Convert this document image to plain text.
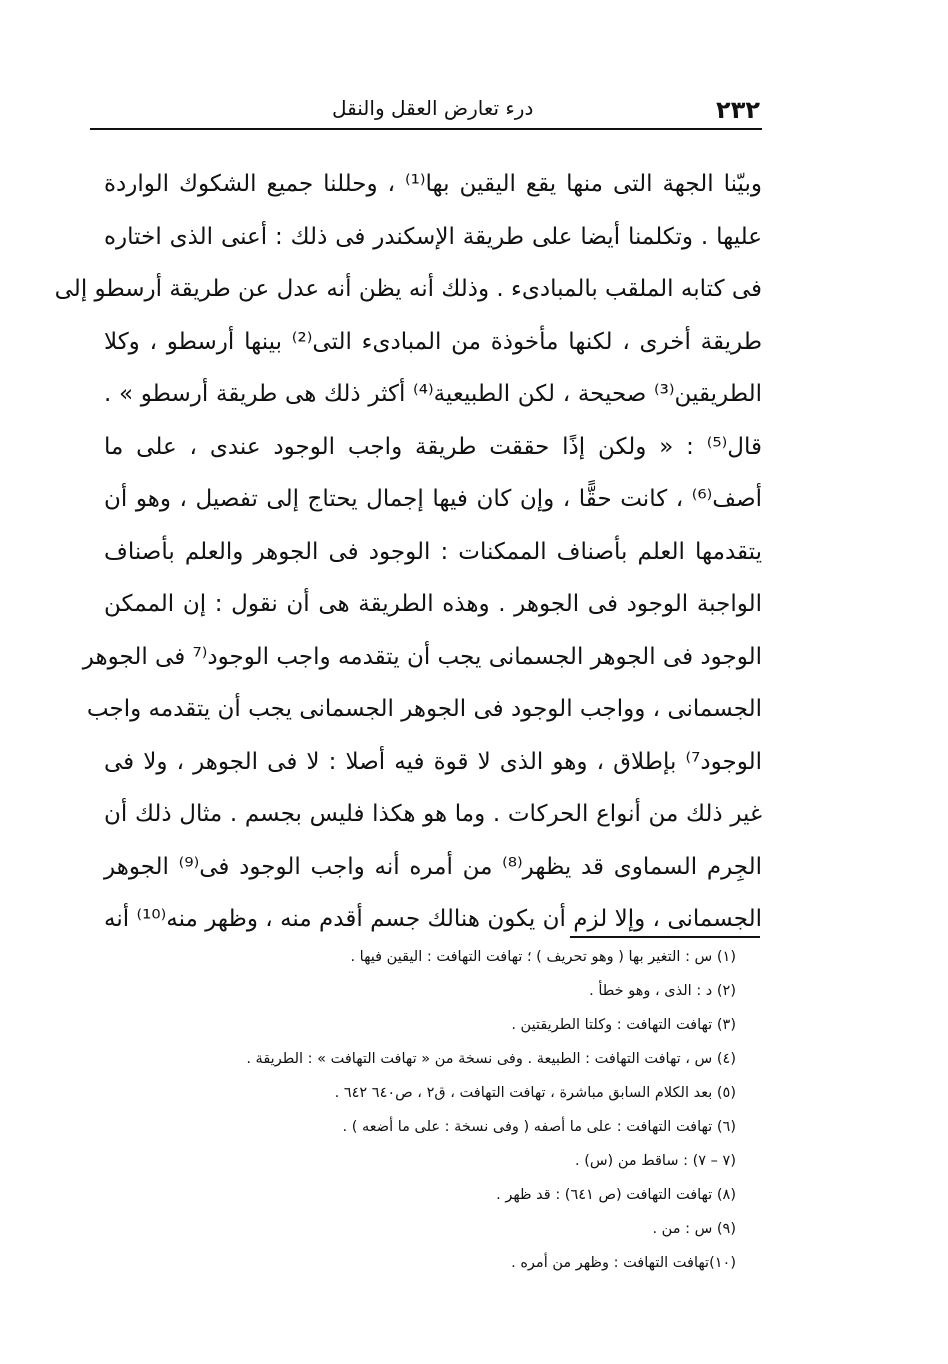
٢٣٢
درء تعارض العقل والنقل
وبيّنا الجهة التى منها يقع اليقين بها⁽¹⁾ ، وحللنا جميع الشكوك الواردة
عليها . وتكلمنا أيضا على طريقة الإسكندر فى ذلك : أعنى الذى اختاره
فى كتابه الملقب بالمبادىء . وذلك أنه يظن أنه عدل عن طريقة أرسطو إلى
طريقة أخرى ، لكنها مأخوذة من المبادىء التى⁽²⁾ بينها أرسطو ، وكلا
الطريقين⁽³⁾ صحيحة ، لكن الطبيعية⁽⁴⁾ أكثر ذلك هى طريقة أرسطو » .
قال⁽⁵⁾ : « ولكن إذًا حققت طريقة واجب الوجود عندى ، على ما
أصف⁽⁶⁾ ، كانت حقًّا ، وإن كان فيها إجمال يحتاج إلى تفصيل ، وهو أن
يتقدمها العلم بأصناف الممكنات : الوجود فى الجوهر والعلم بأصناف
الواجبة الوجود فى الجوهر . وهذه الطريقة هى أن نقول : إن الممكن
الوجود فى الجوهر الجسمانى يجب أن يتقدمه واجب الوجود⁽⁷ فى الجوهر
الجسمانى ، وواجب الوجود فى الجوهر الجسمانى يجب أن يتقدمه واجب
الوجود⁷⁾ بإطلاق ، وهو الذى لا قوة فيه أصلا : لا فى الجوهر ، ولا فى
غير ذلك من أنواع الحركات . وما هو هكذا فليس بجسم . مثال ذلك أن
الجِرم السماوى قد يظهر⁽⁸⁾ من أمره أنه واجب الوجود فى⁽⁹⁾ الجوهر
الجسمانى ، وإلا لزم أن يكون هنالك جسم أقدم منه ، وظهر منه⁽¹⁰⁾ أنه
(١) س : التغير بها ( وهو تحريف ) ؛ تهافت التهافت : اليقين فيها .
(٢) د : الذى ، وهو خطأ .
(٣) تهافت التهافت : وكلتا الطريقتين .
(٤) س ، تهافت التهافت : الطبيعة . وفى نسخة من « تهافت التهافت » : الطريقة .
(٥) بعد الكلام السابق مباشرة ، تهافت التهافت ، ق٢ ، ص٦٤٠ ٦٤٢ .
(٦) تهافت التهافت : على ما أصفه ( وفى نسخة : على ما أضعه ) .
(٧ – ٧) : ساقط من (س) .
(٨) تهافت التهافت (ص ٦٤١) : قد ظهر .
(٩) س : من .
(١٠)تهافت التهافت : وظهر من أمره .
